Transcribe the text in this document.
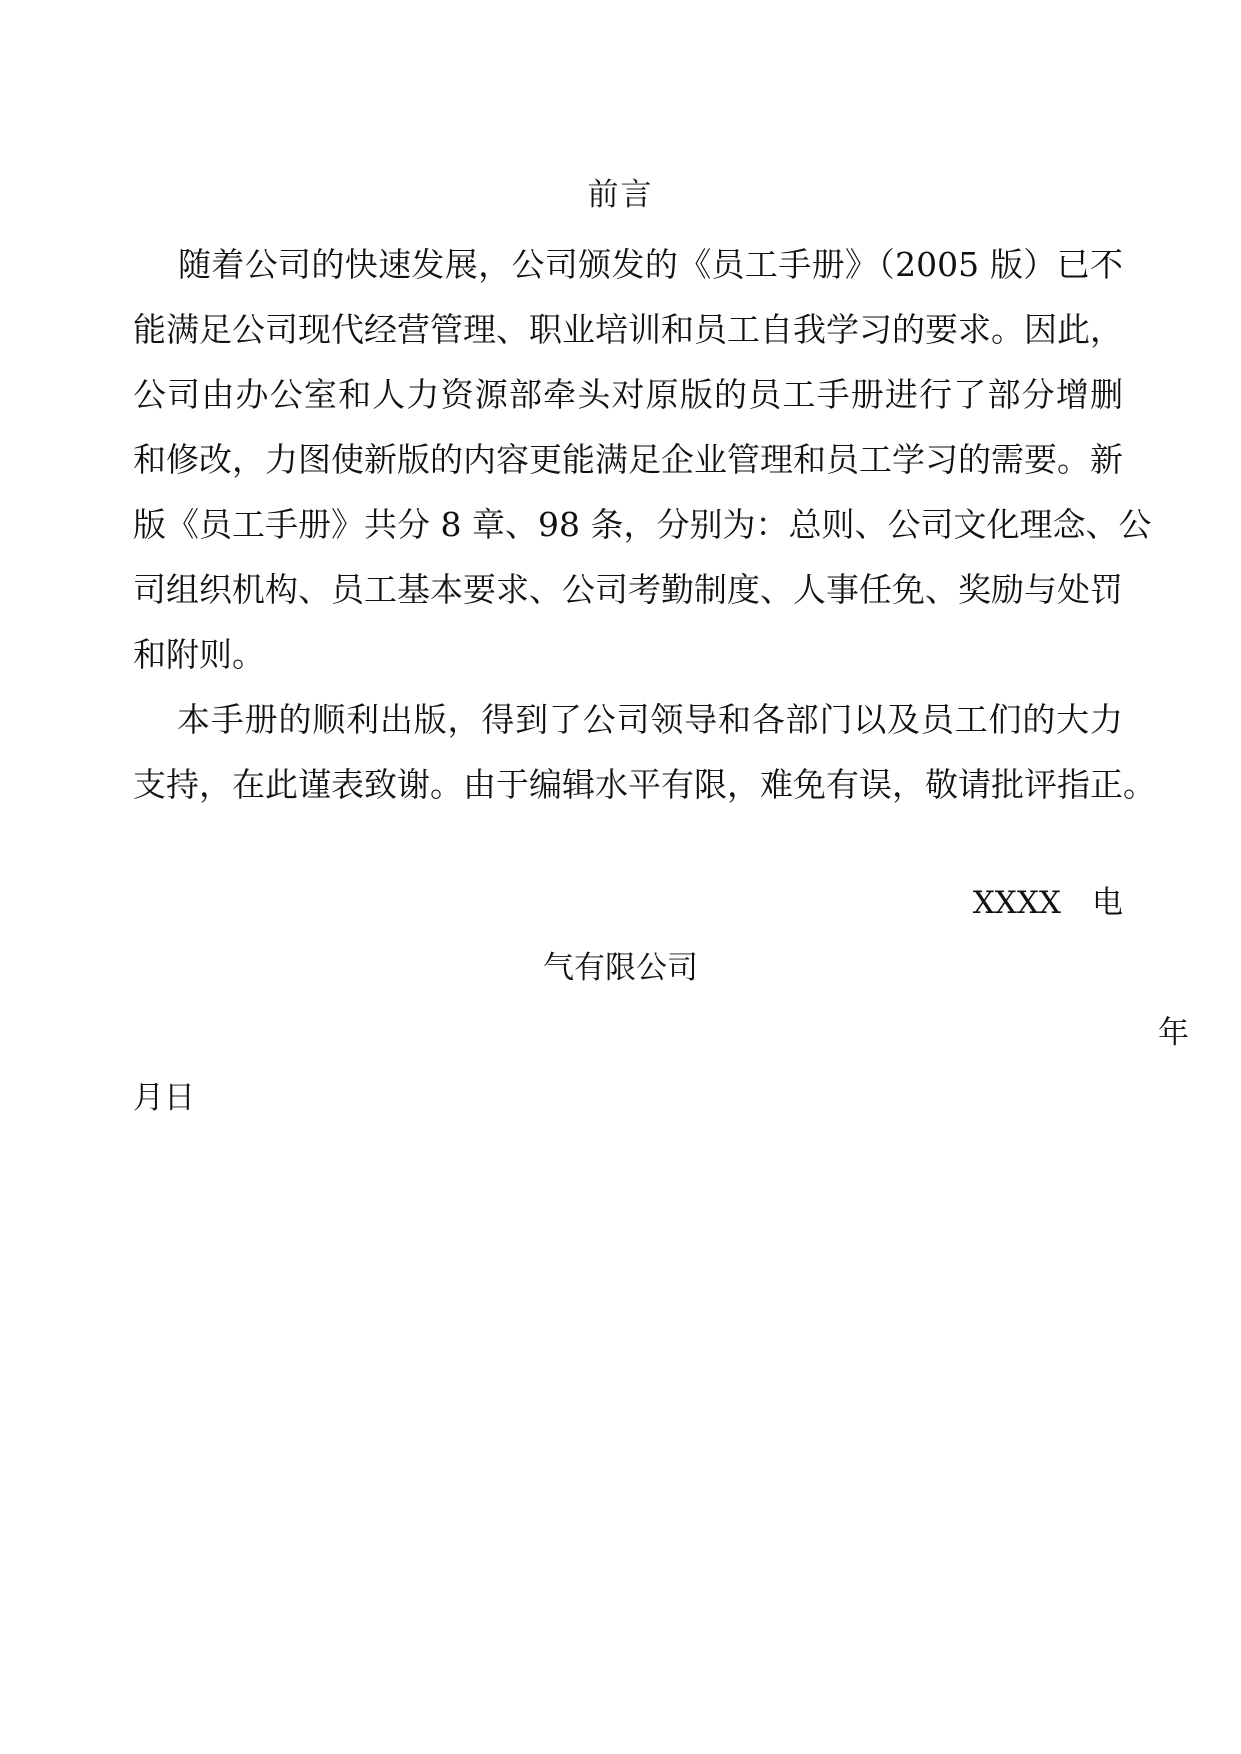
前言
随着公司的快速发展，公司颁发的《员工手册》（2005 版）已不
能满足公司现代经营管理、职业培训和员工自我学习的要求。因此，
公司由办公室和人力资源部牵头对原版的员工手册进行了部分增删
和修改，力图使新版的内容更能满足企业管理和员工学习的需要。新
版《员工手册》共分 8 章、98 条，分别为：总则、公司文化理念、公
司组织机构、员工基本要求、公司考勤制度、人事任免、奖励与处罚
和附则。
本手册的顺利出版，得到了公司领导和各部门以及员工们的大力
支持，在此谨表致谢。由于编辑水平有限，难免有误，敬请批评指正。
XXXX　电
气有限公司
年
月日
